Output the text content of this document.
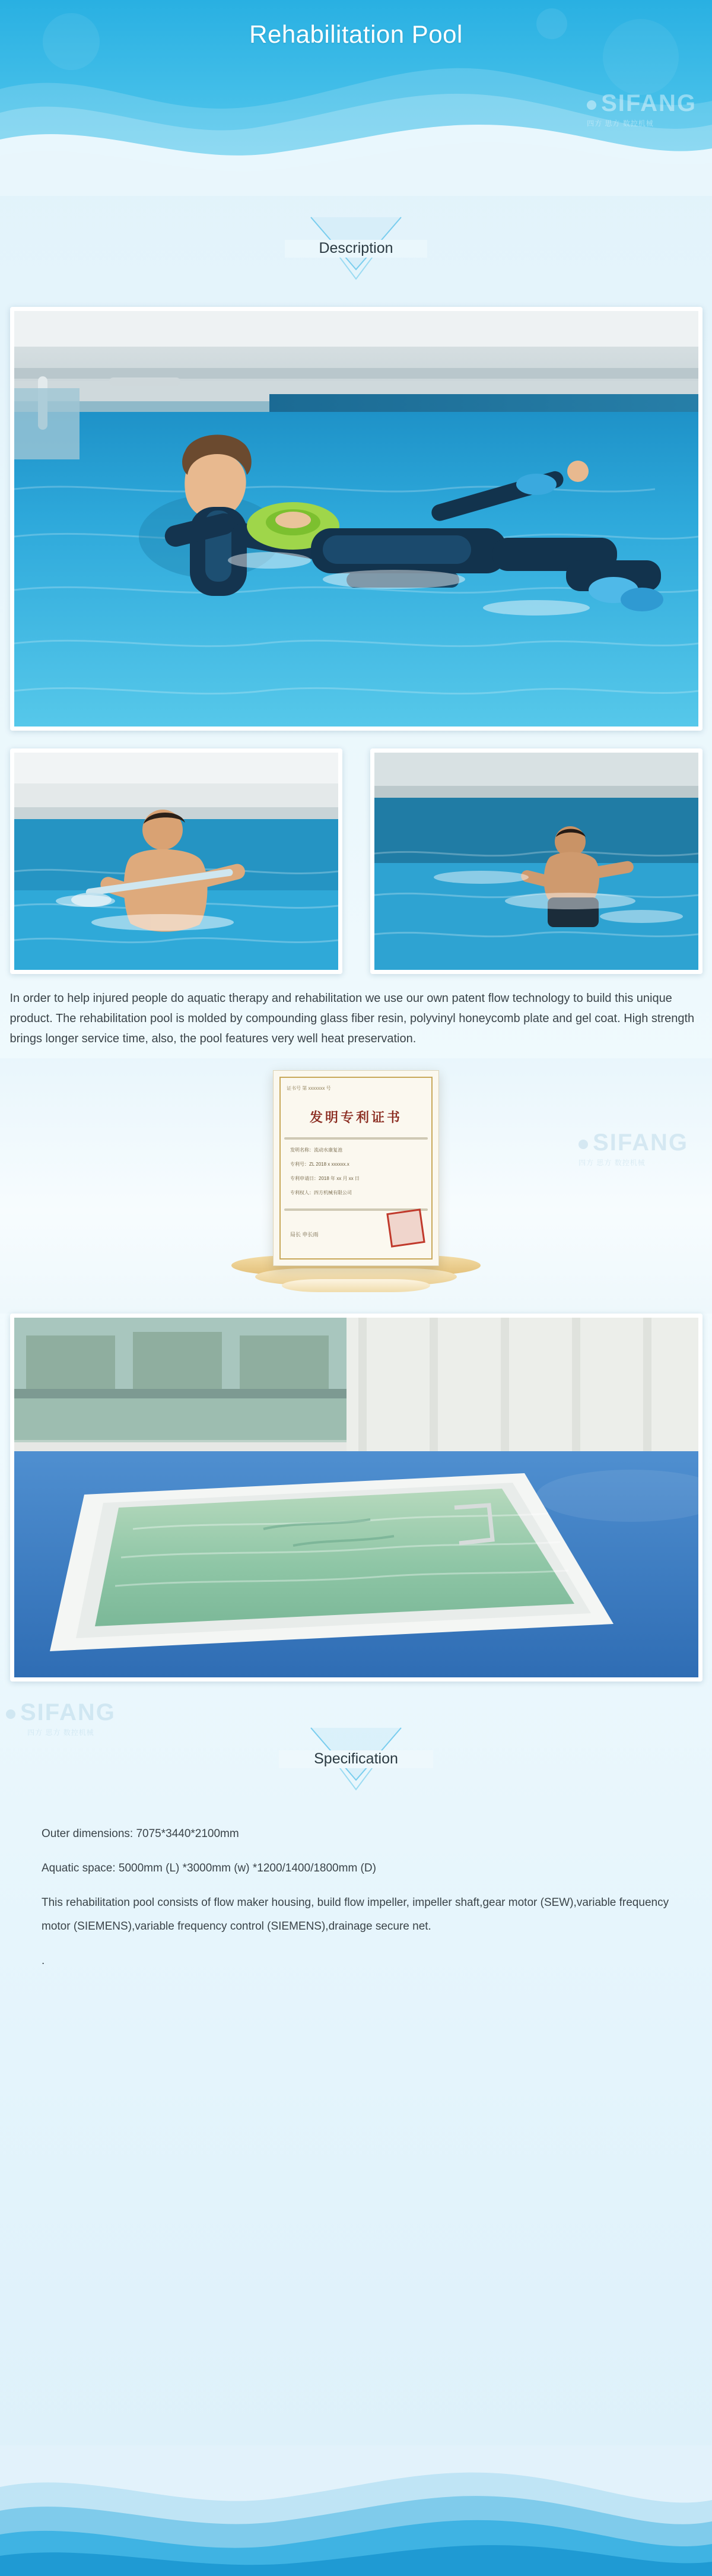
Rehabilitation Pool
SIFANG
四方 思方 数控机械
Description
In order to help injured people do aquatic therapy and rehabilitation we use our own patent flow technology to build this unique product. The rehabilitation pool is molded by compounding glass fiber resin, polyvinyl honeycomb plate and gel coat. High strength brings longer service time, also, the pool features very well heat preservation.
证书号 第 xxxxxxx 号
发明专利证书
发明名称：流动水康复池
专利号：ZL 2018 x xxxxxx.x
专利申请日：2018 年 xx 月 xx 日
专利权人：四方机械有限公司
局长 申长雨
SIFANG
四方 思方 数控机械
Specification
SIFANG
四方 思方 数控机械

Outer dimensions: 7075*3440*2100mm

Aquatic space: 5000mm (L) *3000mm (w) *1200/1400/1800mm (D)

This rehabilitation pool consists of flow maker housing, build flow impeller, impeller shaft,gear motor (SEW),variable frequency motor (SIEMENS),variable frequency control (SIEMENS),drainage secure net.

.
